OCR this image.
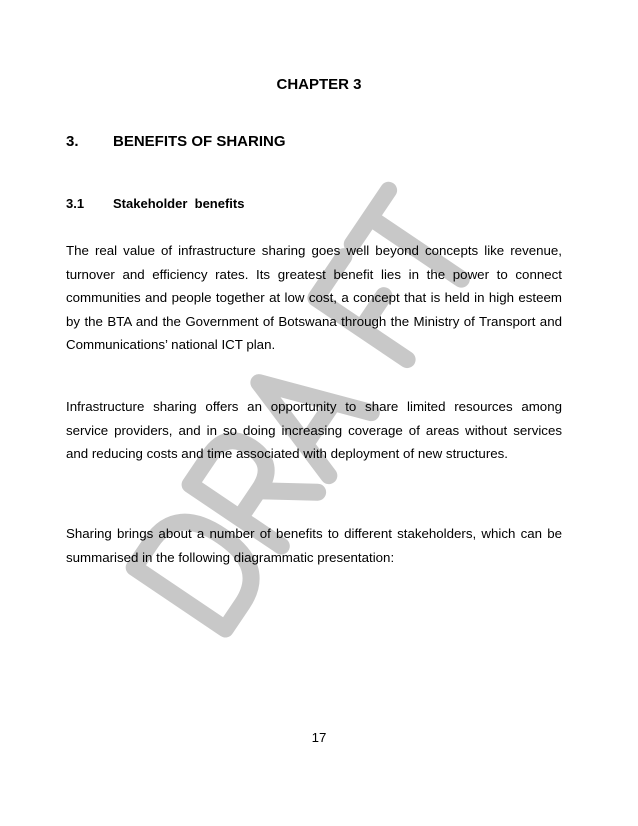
CHAPTER 3
3. BENEFITS OF SHARING
3.1 Stakeholder  benefits

The real value of infrastructure sharing goes well beyond concepts like revenue, turnover and efficiency rates. Its greatest benefit lies in the power to connect communities and people together at low cost, a concept that is held in high esteem by the BTA and the Government of Botswana through the Ministry of Transport and Communications’ national ICT plan.

Infrastructure sharing offers an opportunity to share limited resources among service providers, and in so doing increasing coverage of areas without services and reducing costs and time associated with deployment of new structures.

Sharing brings about a number of benefits to different stakeholders, which can be summarised in the following diagrammatic presentation:

17
